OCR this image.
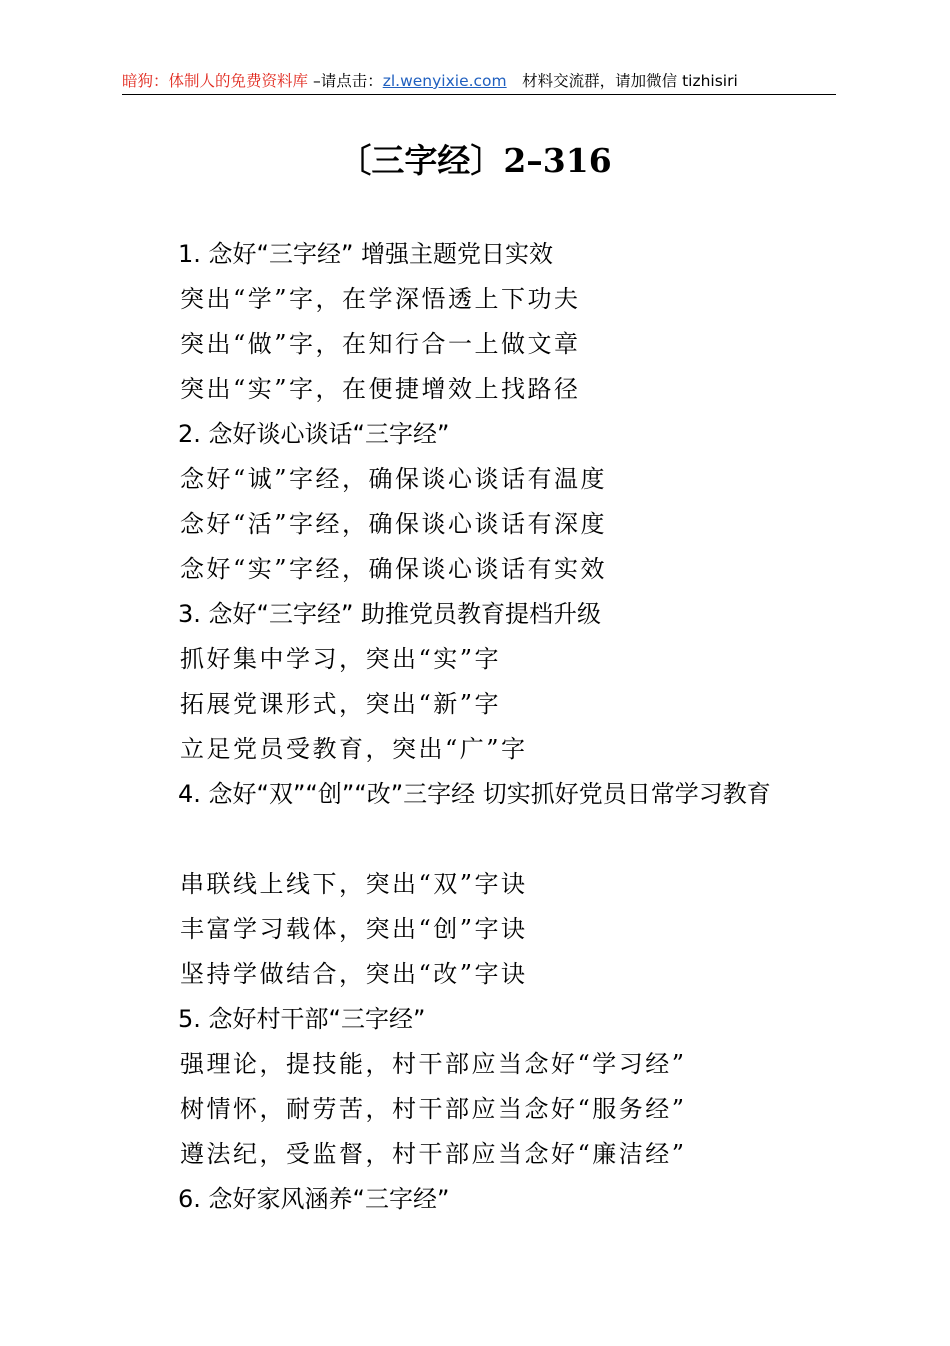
暗狗：体制人的免费资料库 –请点击：zl.wenyixie.com　材料交流群，请加微信 tizhisiri
〔三字经〕2–316

1. 念好“三字经” 增强主题党日实效

突出“学”字，在学深悟透上下功夫

突出“做”字，在知行合一上做文章

突出“实”字，在便捷增效上找路径

2. 念好谈心谈话“三字经”

念好“诚”字经，确保谈心谈话有温度

念好“活”字经，确保谈心谈话有深度

念好“实”字经，确保谈心谈话有实效

3. 念好“三字经” 助推党员教育提档升级

抓好集中学习，突出“实”字

拓展党课形式，突出“新”字

立足党员受教育，突出“广”字

4. 念好“双”“创”“改”三字经 切实抓好党员日常学习教育

串联线上线下，突出“双”字诀

丰富学习载体，突出“创”字诀

坚持学做结合，突出“改”字诀

5. 念好村干部“三字经”

强理论，提技能，村干部应当念好“学习经”

树情怀，耐劳苦，村干部应当念好“服务经”

遵法纪，受监督，村干部应当念好“廉洁经”

6. 念好家风涵养“三字经”
